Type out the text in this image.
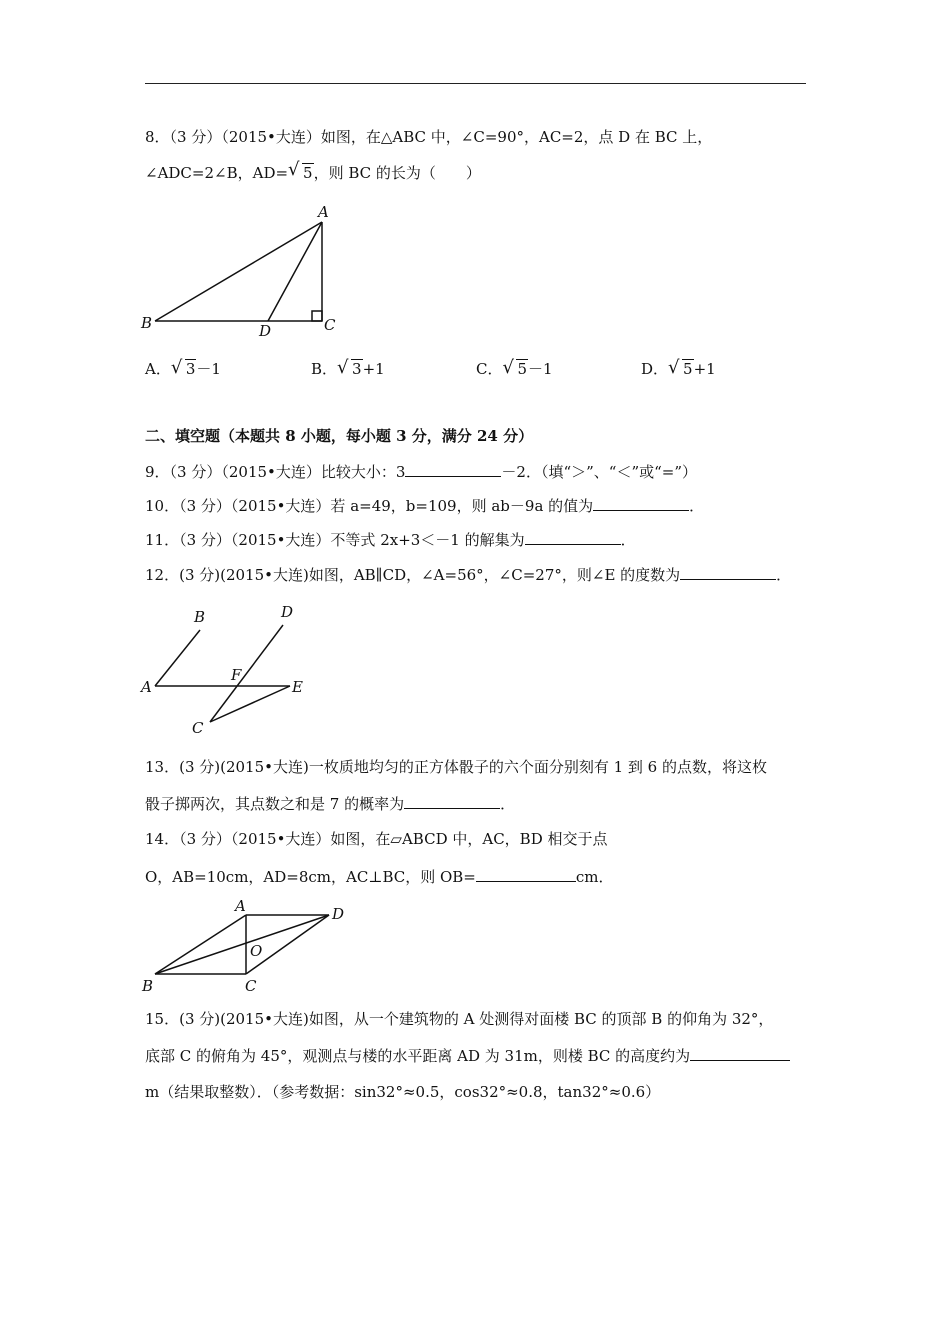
8．（3 分）（2015•大连）如图，在△ABC 中，∠C=90°，AC=2，点 D 在 BC 上，
∠ADC=2∠B，AD= √ 5，则 BC 的长为（　　）
A
B	C
D
A． √ 3－1	B． √ 3+1	C． √ 5－1	D． √ 5+1
二、填空题（本题共 8 小题，每小题 3 分，满分 24 分）
9．（3 分）（2015•大连）比较大小：3	－2．（填“＞”、“＜”或“=”）
10．（3 分）（2015•大连）若 a=49，b=109，则 ab－9a 的值为	．
11．（3 分）（2015•大连）不等式 2x+3＜－1 的解集为	．
12．(3 分)(2015•大连)如图，AB∥CD，∠A=56°，∠C=27°，则∠E 的度数为	．
B	D
A
F
E
C
13．(3 分)(2015•大连)一枚质地均匀的正方体骰子的六个面分别刻有 1 到 6 的点数，将这枚
骰子掷两次，其点数之和是 7 的概率为	．
14．（3 分）（2015•大连）如图，在▱ABCD 中，AC，BD 相交于点
O，AB=10cm，AD=8cm，AC⊥BC，则 OB=	cm．
A	D
O
B	C
15．(3 分)(2015•大连)如图，从一个建筑物的 A 处测得对面楼 BC 的顶部 B 的仰角为 32°，
底部 C 的俯角为 45°，观测点与楼的水平距离 AD 为 31m，则楼 BC 的高度约为
m（结果取整数）．（参考数据：sin32°≈0.5，cos32°≈0.8，tan32°≈0.6）
